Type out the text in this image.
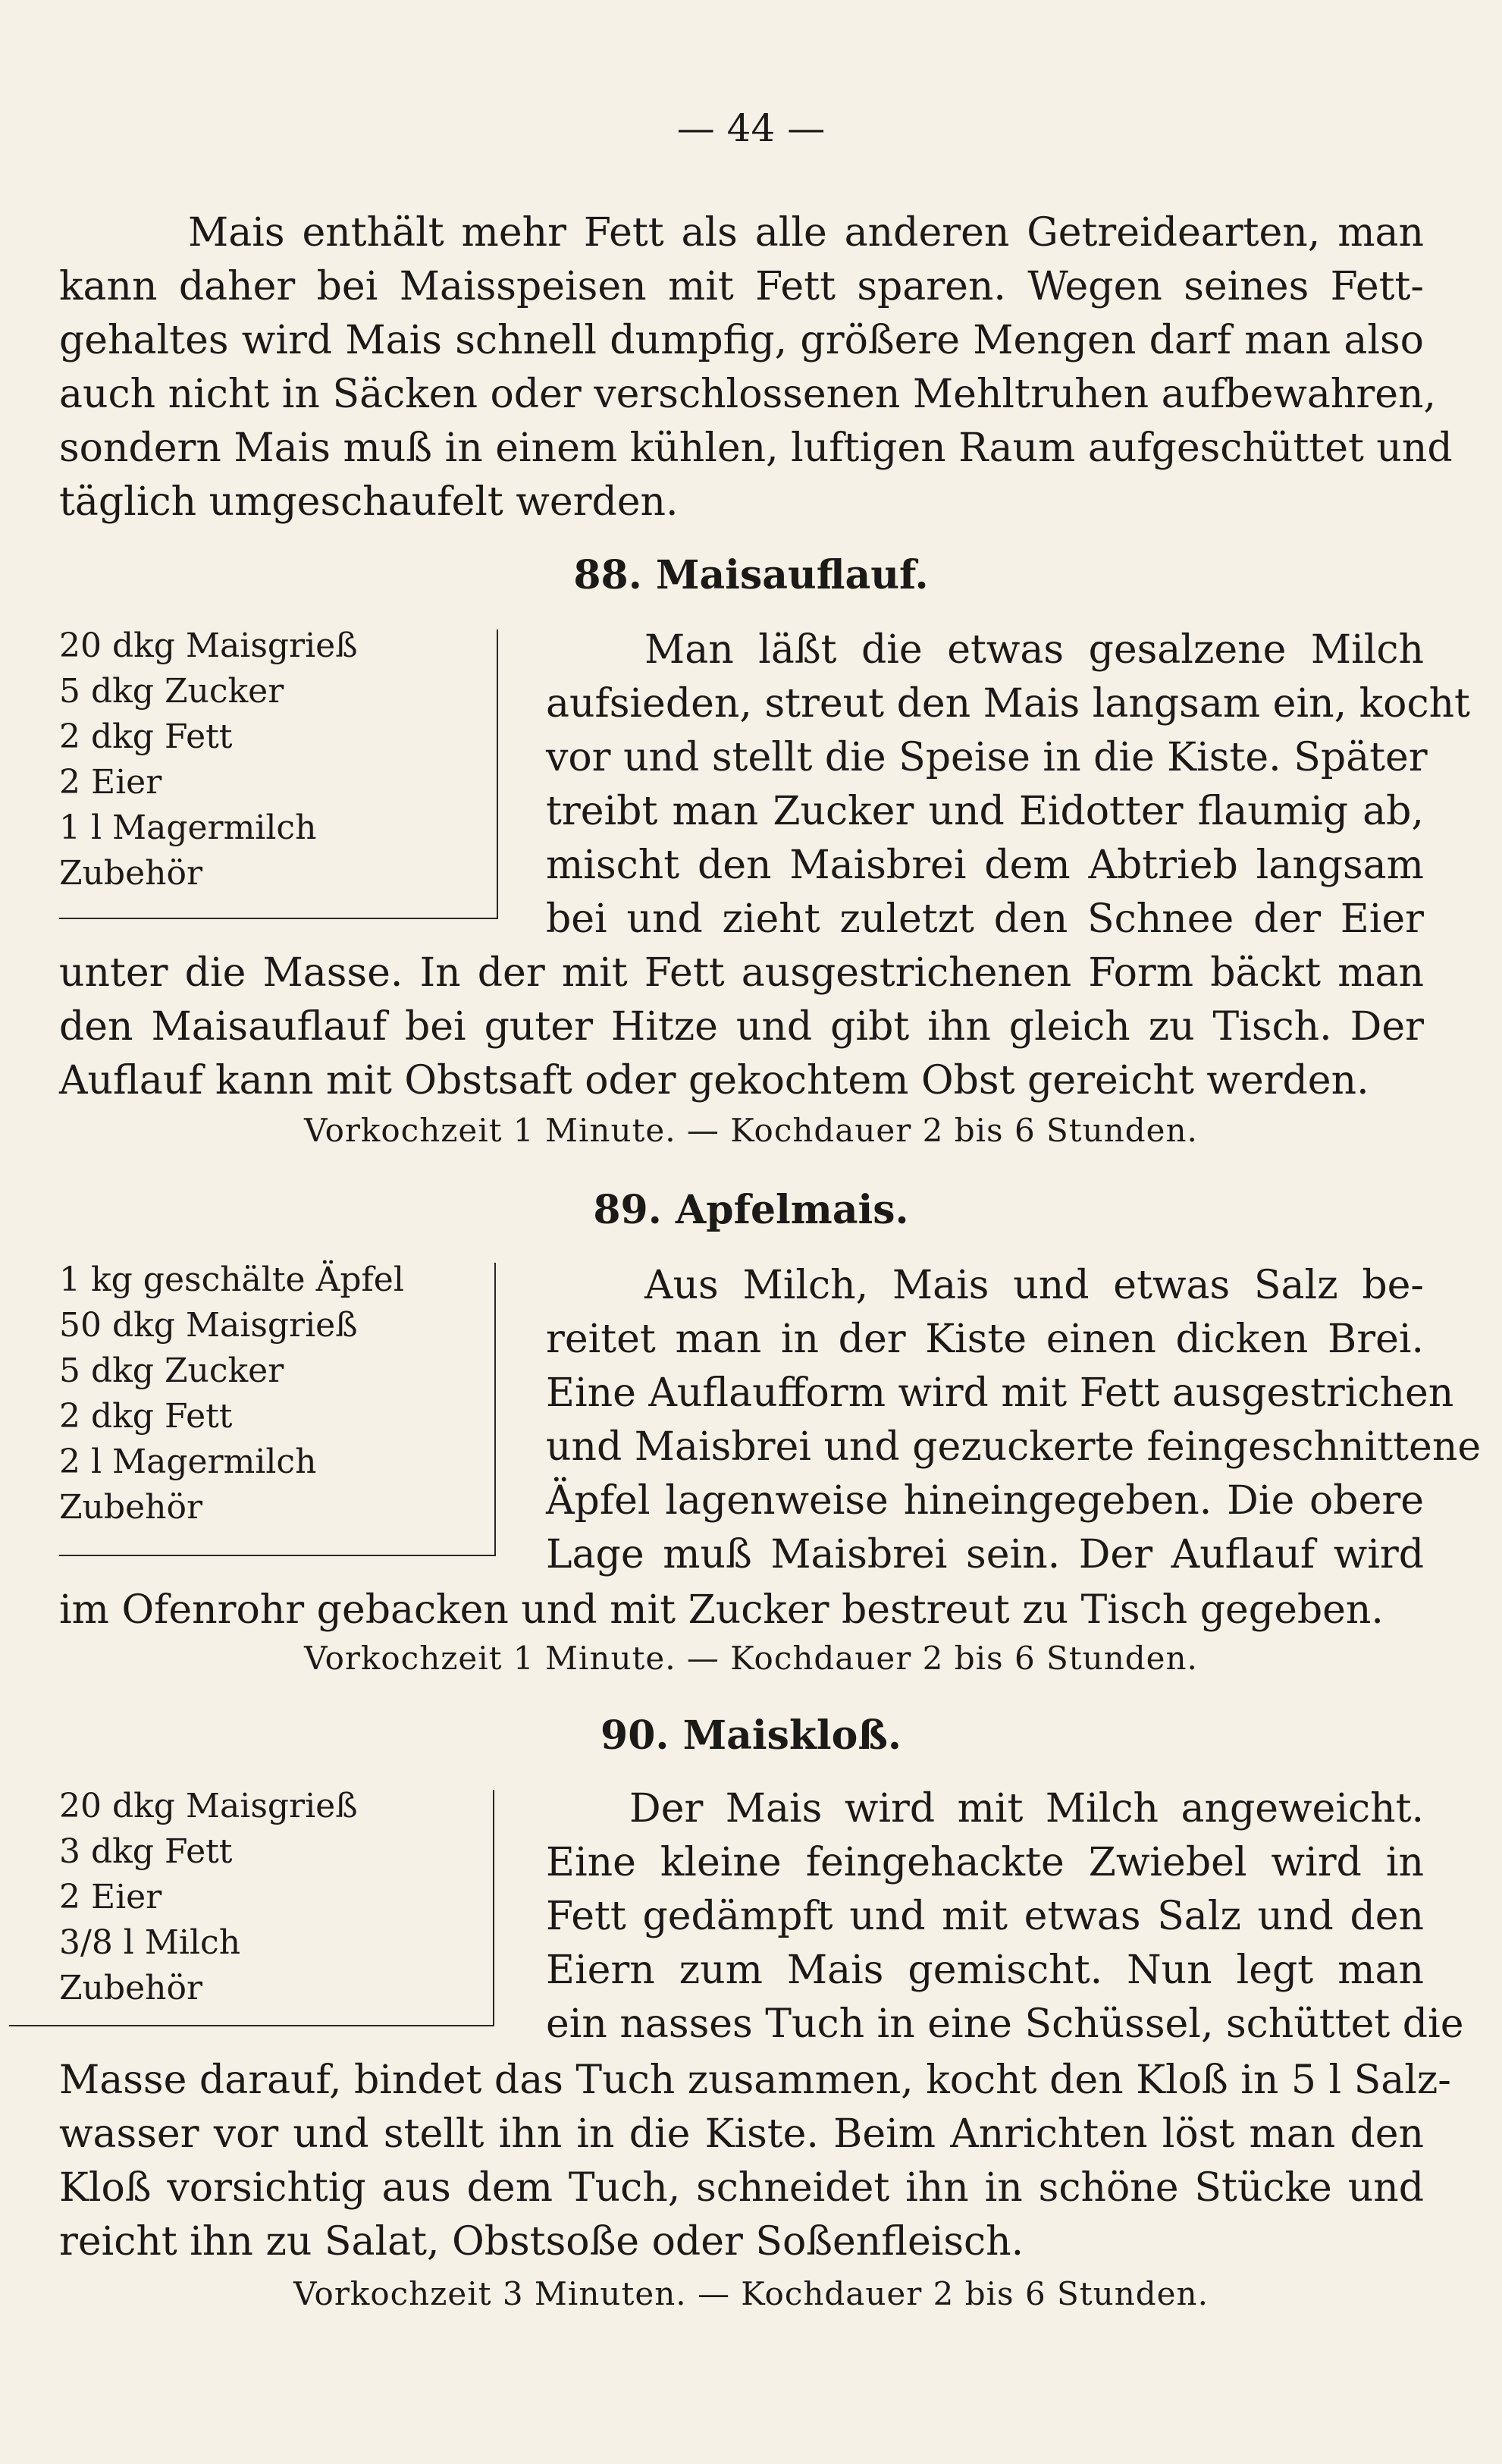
— 44 —
Mais enthält mehr Fett als alle anderen Getreidearten, man
kann daher bei Maisspeisen mit Fett sparen. Wegen seines Fett-
gehaltes wird Mais schnell dumpfig, größere Mengen darf man also
auch nicht in Säcken oder verschlossenen Mehltruhen aufbewahren,
sondern Mais muß in einem kühlen, luftigen Raum aufgeschüttet und
täglich umgeschaufelt werden.
88. Maisauflauf.
20 dkg Maisgrieß
5 dkg Zucker
2 dkg Fett
2 Eier
1 l Magermilch
Zubehör
Man läßt die etwas gesalzene Milch
aufsieden, streut den Mais langsam ein, kocht
vor und stellt die Speise in die Kiste. Später
treibt man Zucker und Eidotter flaumig ab,
mischt den Maisbrei dem Abtrieb langsam
bei und zieht zuletzt den Schnee der Eier
unter die Masse. In der mit Fett ausgestrichenen Form bäckt man
den Maisauflauf bei guter Hitze und gibt ihn gleich zu Tisch. Der
Auflauf kann mit Obstsaft oder gekochtem Obst gereicht werden.
Vorkochzeit 1 Minute. — Kochdauer 2 bis 6 Stunden.
89. Apfelmais.
1 kg geschälte Äpfel
50 dkg Maisgrieß
5 dkg Zucker
2 dkg Fett
2 l Magermilch
Zubehör
Aus Milch, Mais und etwas Salz be-
reitet man in der Kiste einen dicken Brei.
Eine Auflaufform wird mit Fett ausgestrichen
und Maisbrei und gezuckerte feingeschnittene
Äpfel lagenweise hineingegeben. Die obere
Lage muß Maisbrei sein. Der Auflauf wird
im Ofenrohr gebacken und mit Zucker bestreut zu Tisch gegeben.
Vorkochzeit 1 Minute. — Kochdauer 2 bis 6 Stunden.
90. Maiskloß.
20 dkg Maisgrieß
3 dkg Fett
2 Eier
3/8 l Milch
Zubehör
Der Mais wird mit Milch angeweicht.
Eine kleine feingehackte Zwiebel wird in
Fett gedämpft und mit etwas Salz und den
Eiern zum Mais gemischt. Nun legt man
ein nasses Tuch in eine Schüssel, schüttet die
Masse darauf, bindet das Tuch zusammen, kocht den Kloß in 5 l Salz-
wasser vor und stellt ihn in die Kiste. Beim Anrichten löst man den
Kloß vorsichtig aus dem Tuch, schneidet ihn in schöne Stücke und
reicht ihn zu Salat, Obstsoße oder Soßenfleisch.
Vorkochzeit 3 Minuten. — Kochdauer 2 bis 6 Stunden.
